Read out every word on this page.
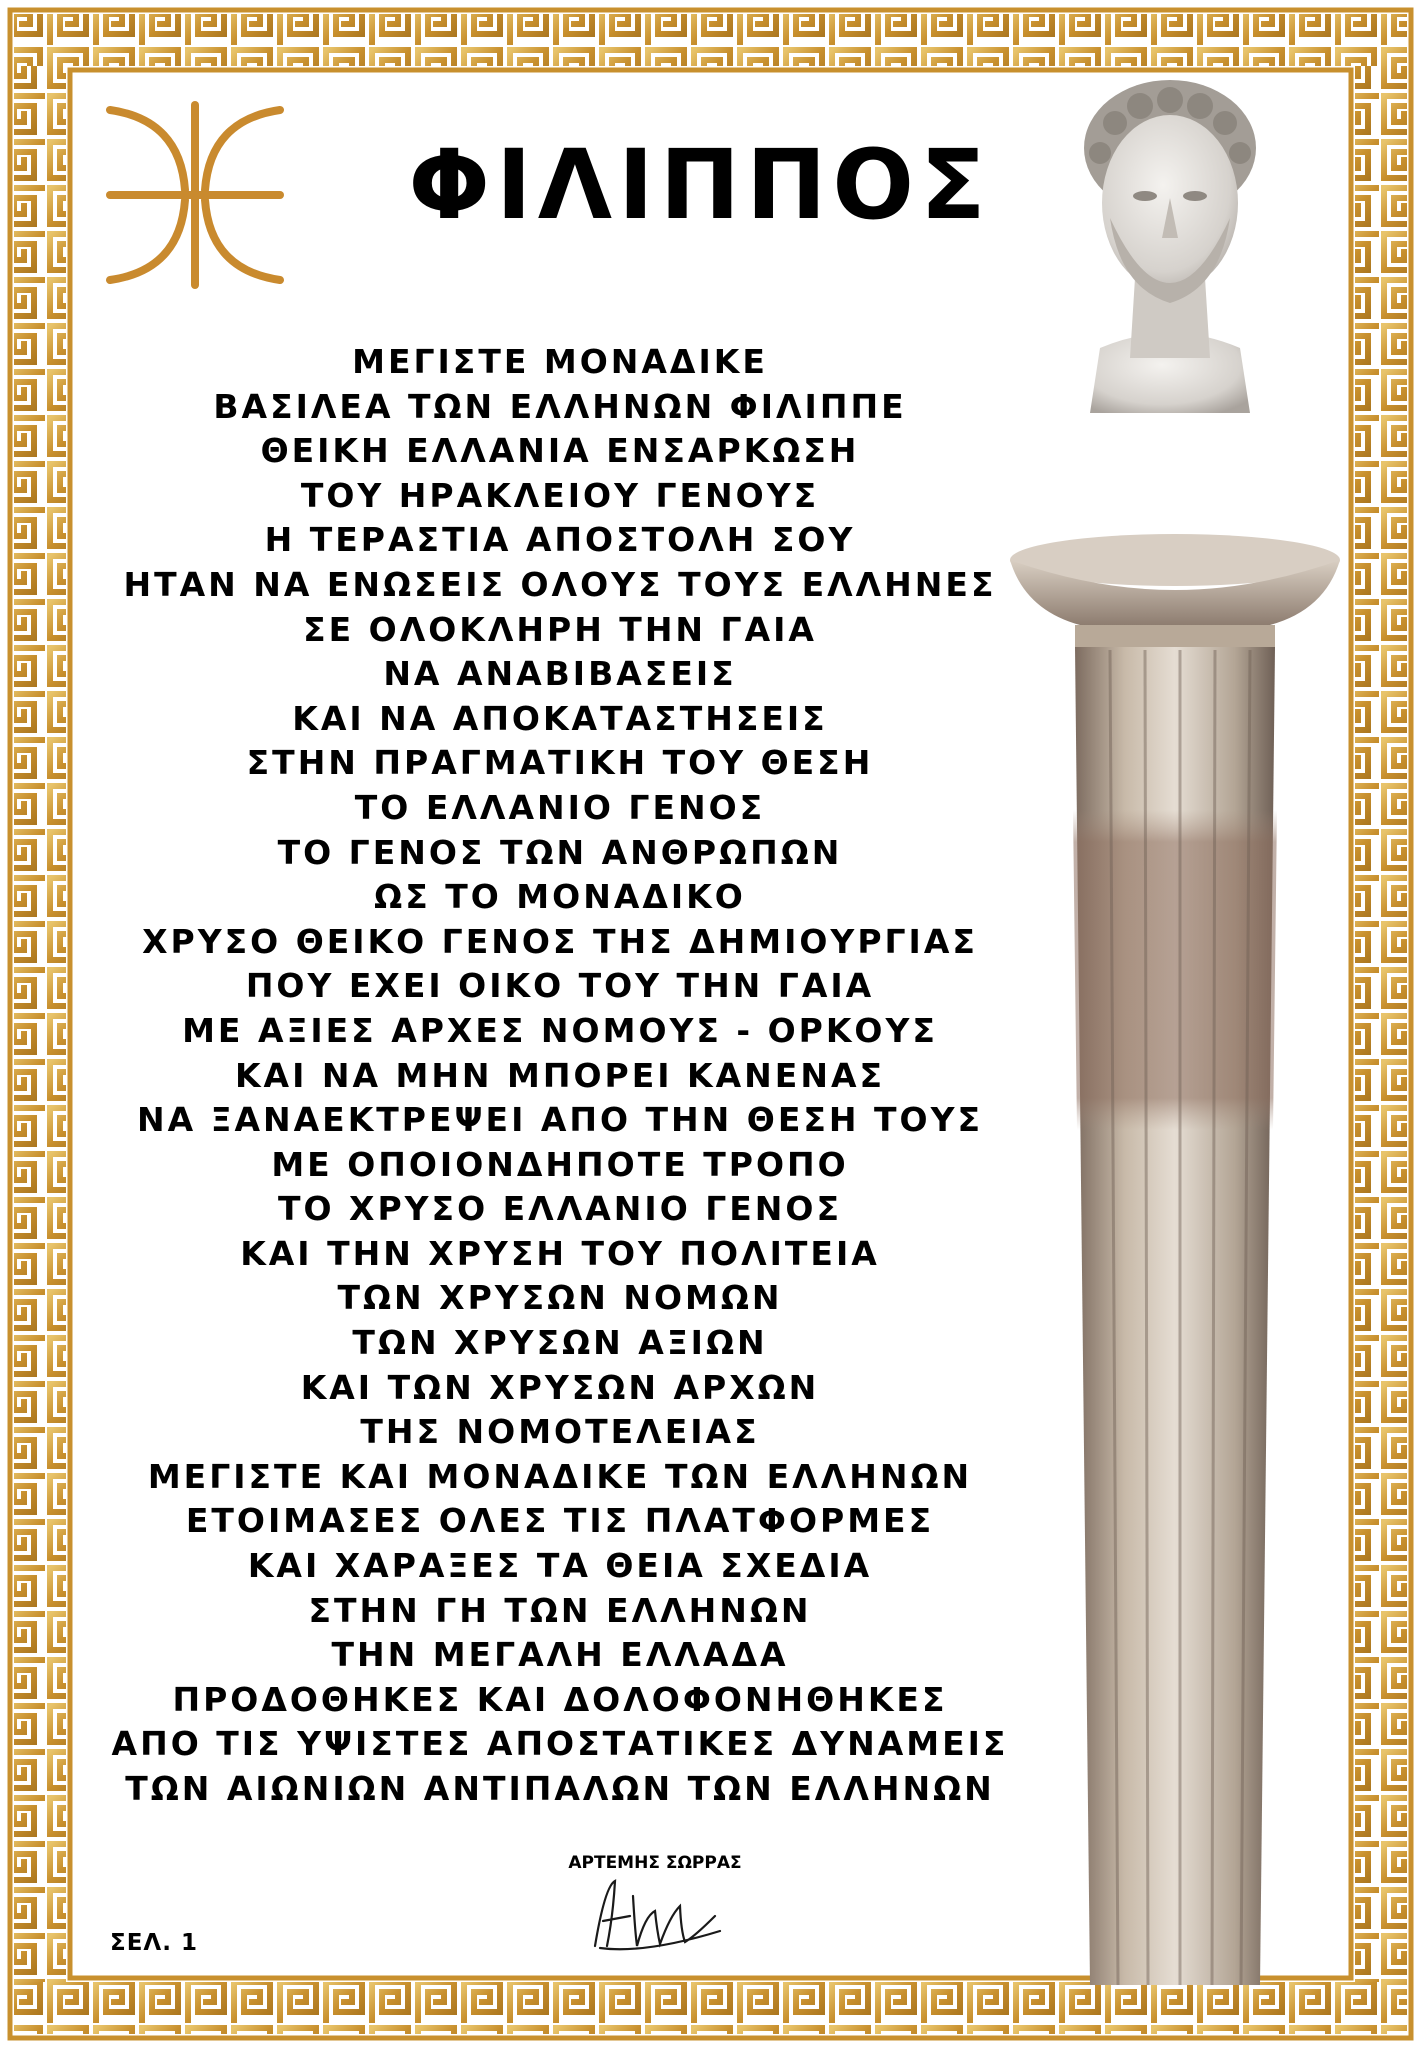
ΦΙΛΙΠΠΟΣ
ΜΕΓΙΣΤΕ ΜΟΝΑΔΙΚΕ
ΒΑΣΙΛΕΑ ΤΩΝ ΕΛΛΗΝΩΝ ΦΙΛΙΠΠΕ
ΘΕΙΚΗ ΕΛΛΑΝΙΑ ΕΝΣΑΡΚΩΣΗ
ΤΟΥ ΗΡΑΚΛΕΙΟΥ ΓΕΝΟΥΣ
Η ΤΕΡΑΣΤΙΑ ΑΠΟΣΤΟΛΗ ΣΟΥ
ΗΤΑΝ ΝΑ ΕΝΩΣΕΙΣ ΟΛΟΥΣ ΤΟΥΣ ΕΛΛΗΝΕΣ
ΣΕ ΟΛΟΚΛΗΡΗ ΤΗΝ ΓΑΙΑ
ΝΑ ΑΝΑΒΙΒΑΣΕΙΣ
ΚΑΙ ΝΑ ΑΠΟΚΑΤΑΣΤΗΣΕΙΣ
ΣΤΗΝ ΠΡΑΓΜΑΤΙΚΗ ΤΟΥ ΘΕΣΗ
ΤΟ ΕΛΛΑΝΙΟ ΓΕΝΟΣ
ΤΟ ΓΕΝΟΣ ΤΩΝ ΑΝΘΡΩΠΩΝ
ΩΣ ΤΟ ΜΟΝΑΔΙΚΟ
ΧΡΥΣΟ ΘΕΙΚΟ ΓΕΝΟΣ ΤΗΣ ΔΗΜΙΟΥΡΓΙΑΣ
ΠΟΥ ΕΧΕΙ ΟΙΚΟ ΤΟΥ ΤΗΝ ΓΑΙΑ
ΜΕ ΑΞΙΕΣ ΑΡΧΕΣ ΝΟΜΟΥΣ - ΟΡΚΟΥΣ
ΚΑΙ ΝΑ ΜΗΝ ΜΠΟΡΕΙ ΚΑΝΕΝΑΣ
ΝΑ ΞΑΝΑΕΚΤΡΕΨΕΙ ΑΠΟ ΤΗΝ ΘΕΣΗ ΤΟΥΣ
ΜΕ ΟΠΟΙΟΝΔΗΠΟΤΕ ΤΡΟΠΟ
ΤΟ ΧΡΥΣΟ ΕΛΛΑΝΙΟ ΓΕΝΟΣ
ΚΑΙ ΤΗΝ ΧΡΥΣΗ ΤΟΥ ΠΟΛΙΤΕΙΑ
ΤΩΝ ΧΡΥΣΩΝ ΝΟΜΩΝ
ΤΩΝ ΧΡΥΣΩΝ ΑΞΙΩΝ
ΚΑΙ ΤΩΝ ΧΡΥΣΩΝ ΑΡΧΩΝ
ΤΗΣ ΝΟΜΟΤΕΛΕΙΑΣ
ΜΕΓΙΣΤΕ ΚΑΙ ΜΟΝΑΔΙΚΕ ΤΩΝ ΕΛΛΗΝΩΝ
ΕΤΟΙΜΑΣΕΣ ΟΛΕΣ ΤΙΣ ΠΛΑΤΦΟΡΜΕΣ
ΚΑΙ ΧΑΡΑΞΕΣ ΤΑ ΘΕΙΑ ΣΧΕΔΙΑ
ΣΤΗΝ ΓΗ ΤΩΝ ΕΛΛΗΝΩΝ
ΤΗΝ ΜΕΓΑΛΗ ΕΛΛΑΔΑ
ΠΡΟΔΟΘΗΚΕΣ ΚΑΙ ΔΟΛΟΦΟΝΗΘΗΚΕΣ
ΑΠΟ ΤΙΣ ΥΨΙΣΤΕΣ ΑΠΟΣΤΑΤΙΚΕΣ ΔΥΝΑΜΕΙΣ
ΤΩΝ ΑΙΩΝΙΩΝ ΑΝΤΙΠΑΛΩΝ ΤΩΝ ΕΛΛΗΝΩΝ
ΑΡΤΕΜΗΣ ΣΩΡΡΑΣ
ΣΕΛ. 1
